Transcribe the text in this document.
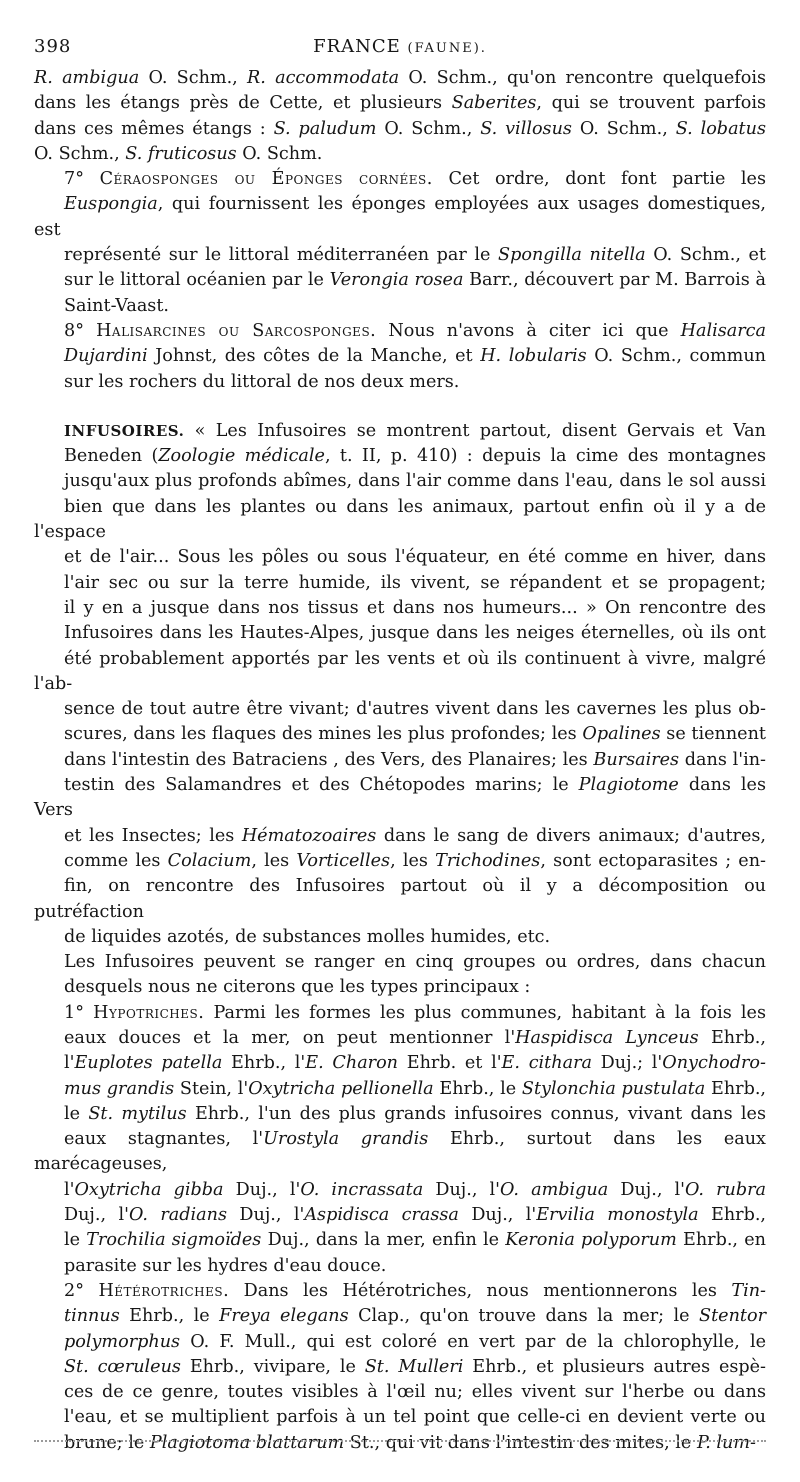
398	FRANCE (FAUNE).

R. ambigua O. Schm., R. accommodata O. Schm., qu'on rencontre quelquefois
dans les étangs près de Cette, et plusieurs Saberites, qui se trouvent parfois
dans ces mêmes étangs : S. paludum O. Schm., S. villosus O. Schm., S. lobatus
O. Schm., S. fruticosus O. Schm.

7° Céraosponges ou Éponges cornées. Cet ordre, dont font partie les
Euspongia, qui fournissent les éponges employées aux usages domestiques, est
représenté sur le littoral méditerranéen par le Spongilla nitella O. Schm., et
sur le littoral océanien par le Verongia rosea Barr., découvert par M. Barrois à
Saint-Vaast.

8° Halisarcines ou Sarcosponges. Nous n'avons à citer ici que Halisarca
Dujardini Johnst, des côtes de la Manche, et H. lobularis O. Schm., commun
sur les rochers du littoral de nos deux mers.

INFUSOIRES. « Les Infusoires se montrent partout, disent Gervais et Van
Beneden (Zoologie médicale, t. II, p. 410) : depuis la cime des montagnes
jusqu'aux plus profonds abîmes, dans l'air comme dans l'eau, dans le sol aussi
bien que dans les plantes ou dans les animaux, partout enfin où il y a de l'espace
et de l'air... Sous les pôles ou sous l'équateur, en été comme en hiver, dans
l'air sec ou sur la terre humide, ils vivent, se répandent et se propagent;
il y en a jusque dans nos tissus et dans nos humeurs... » On rencontre des
Infusoires dans les Hautes-Alpes, jusque dans les neiges éternelles, où ils ont
été probablement apportés par les vents et où ils continuent à vivre, malgré l'ab-
sence de tout autre être vivant; d'autres vivent dans les cavernes les plus ob-
scures, dans les flaques des mines les plus profondes; les Opalines se tiennent
dans l'intestin des Batraciens , des Vers, des Planaires; les Bursaires dans l'in-
testin des Salamandres et des Chétopodes marins; le Plagiotome dans les Vers
et les Insectes; les Hématozoaires dans le sang de divers animaux; d'autres,
comme les Colacium, les Vorticelles, les Trichodines, sont ectoparasites ; en-
fin, on rencontre des Infusoires partout où il y a décomposition ou putréfaction
de liquides azotés, de substances molles humides, etc.

Les Infusoires peuvent se ranger en cinq groupes ou ordres, dans chacun
desquels nous ne citerons que les types principaux :

1° Hypotriches. Parmi les formes les plus communes, habitant à la fois les
eaux douces et la mer, on peut mentionner l'Haspidisca Lynceus Ehrb.,
l'Euplotes patella Ehrb., l'E. Charon Ehrb. et l'E. cithara Duj.; l'Onychodro-
mus grandis Stein, l'Oxytricha pellionella Ehrb., le Stylonchia pustulata Ehrb.,
le St. mytilus Ehrb., l'un des plus grands infusoires connus, vivant dans les
eaux stagnantes, l'Urostyla grandis Ehrb., surtout dans les eaux marécageuses,
l'Oxytricha gibba Duj., l'O. incrassata Duj., l'O. ambigua Duj., l'O. rubra
Duj., l'O. radians Duj., l'Aspidisca crassa Duj., l'Ervilia monostyla Ehrb.,
le Trochilia sigmoïdes Duj., dans la mer, enfin le Keronia polyporum Ehrb., en
parasite sur les hydres d'eau douce.

2° Hétérotriches. Dans les Hétérotriches, nous mentionnerons les Tin-
tinnus Ehrb., le Freya elegans Clap., qu'on trouve dans la mer; le Stentor
polymorphus O. F. Mull., qui est coloré en vert par de la chlorophylle, le
St. cœruleus Ehrb., vivipare, le St. Mulleri Ehrb., et plusieurs autres espè-
ces de ce genre, toutes visibles à l'œil nu; elles vivent sur l'herbe ou dans
l'eau, et se multiplient parfois à un tel point que celle-ci en devient verte ou
brune; le Plagiotoma blattarum St., qui vit dans l'intestin des mites, le P. lum-
